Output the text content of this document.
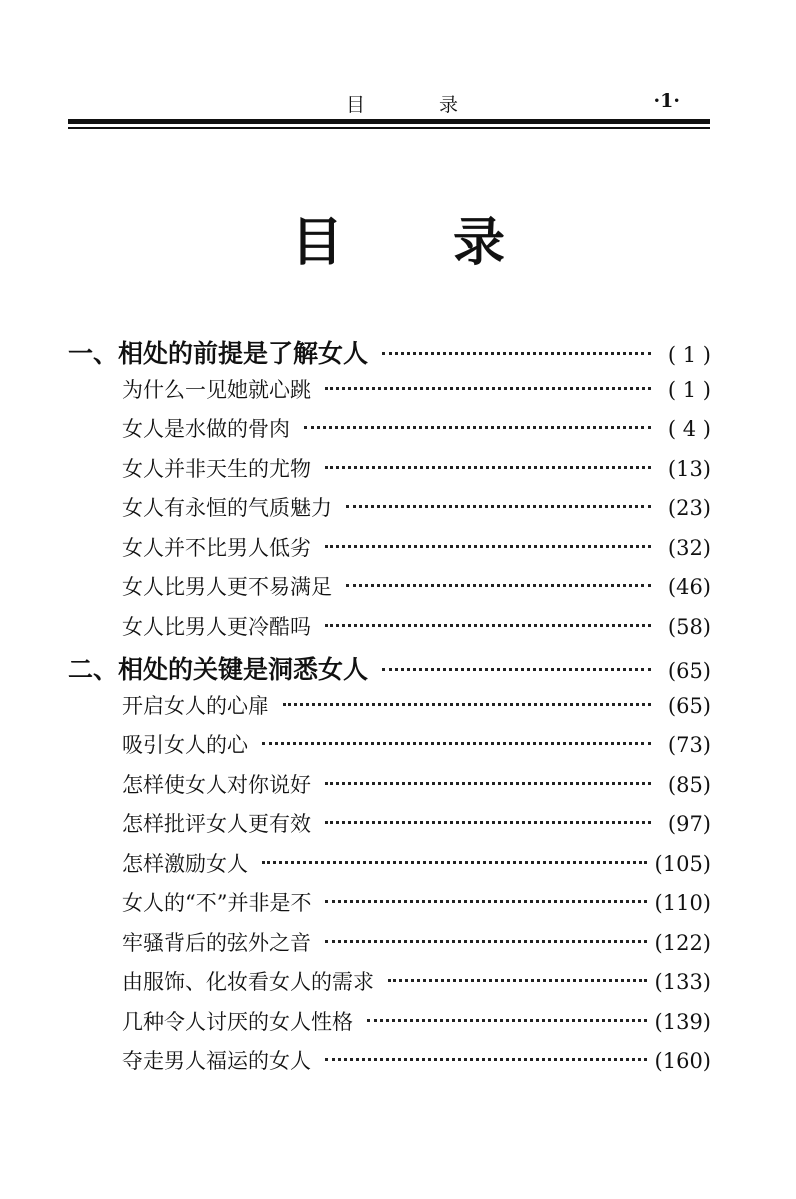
目 录	·1·
目录
一、相处的前提是了解女人	( 1 )
为什么一见她就心跳	( 1 )
女人是水做的骨肉	( 4 )
女人并非天生的尤物	(13)
女人有永恒的气质魅力	(23)
女人并不比男人低劣	(32)
女人比男人更不易满足	(46)
女人比男人更冷酷吗	(58)
二、相处的关键是洞悉女人	(65)
开启女人的心扉	(65)
吸引女人的心	(73)
怎样使女人对你说好	(85)
怎样批评女人更有效	(97)
怎样激励女人	(105)
女人的“不”并非是不	(110)
牢骚背后的弦外之音	(122)
由服饰、化妆看女人的需求	(133)
几种令人讨厌的女人性格	(139)
夺走男人福运的女人	(160)
